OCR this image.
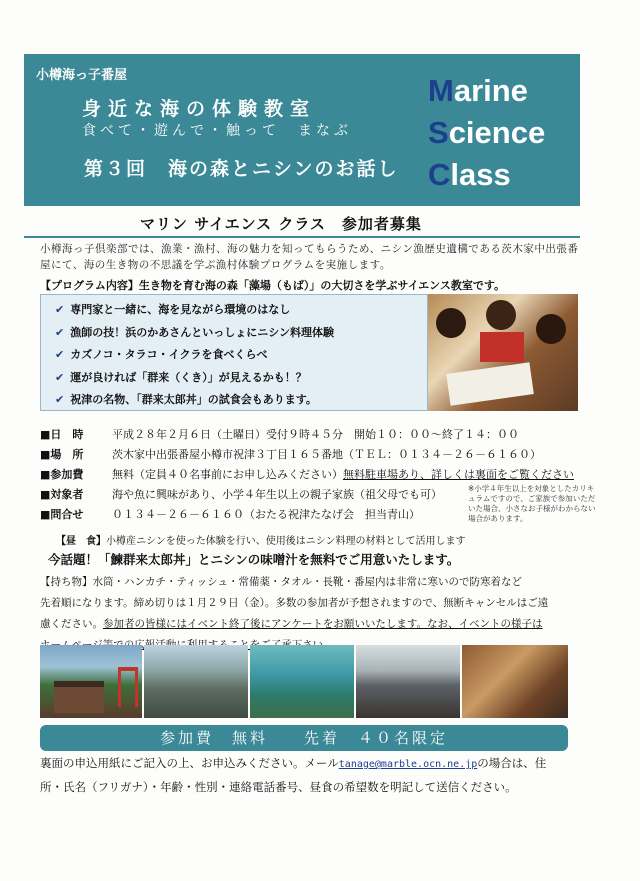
小樽海っ子番屋
身近な海の体験教室
食べて・遊んで・触って　まなぶ
第３回　海の森とニシンのお話し
Marine
Science
Class
マリン サイエンス クラス　参加者募集
小樽海っ子倶楽部では、漁業・漁村、海の魅力を知ってもらうため、ニシン漁歴史遺構である茨木家中出張番屋にて、海の生き物の不思議を学ぶ漁村体験プログラムを実施します。
【プログラム内容】生き物を育む海の森「藻場（もば）」の大切さを学ぶサイエンス教室です。
✔ 専門家と一緒に、海を見ながら環境のはなし
✔ 漁師の技！浜のかあさんといっしょにニシン料理体験
✔ カズノコ・タラコ・イクラを食べくらべ
✔ 運が良ければ「群来（くき）」が見えるかも！？
✔ 祝津の名物、「群来太郎丼」の試食会もあります。
■日　時	平成２８年２月６日（土曜日）受付９時４５分　開始１０：００～終了１４：００
■場　所	茨木家中出張番屋小樽市祝津３丁目１６５番地（ＴＥＬ：０１３４－２６－６１６０）
■参加費	無料（定員４０名事前にお申し込みください）無料駐車場あり、詳しくは裏面をご覧ください
■対象者	海や魚に興味があり、小学４年生以上の親子家族（祖父母でも可）
■問合せ	０１３４－２６－６１６０（おたる祝津たなげ会　担当青山）
※小学４年生以上を対象としたカリキュラムですので、ご家族で参加いただいた場合、小さなお子様がわからない場合があります。
【昼　食】小樽産ニシンを使った体験を行い、使用後はニシン料理の材料として活用します
今話題！「鰊群来太郎丼」とニシンの味噌汁を無料でご用意いたします。
【持ち物】水筒・ハンカチ・ティッシュ・常備薬・タオル・長靴・番屋内は非常に寒いので防寒着など
先着順になります。締め切りは１月２９日（金）。多数の参加者が予想されますので、無断キャンセルはご遠
慮ください。参加者の皆様にはイベント終了後にアンケートをお願いいたします。なお、イベントの様子は
参加費　無料 先着　４０名限定
裏面の申込用紙にご記入の上、お申込みください。メールtanage@marble.ocn.ne.jpの場合は、住
所・氏名（フリガナ）・年齢・性別・連絡電話番号、昼食の希望数を明記して送信ください。
